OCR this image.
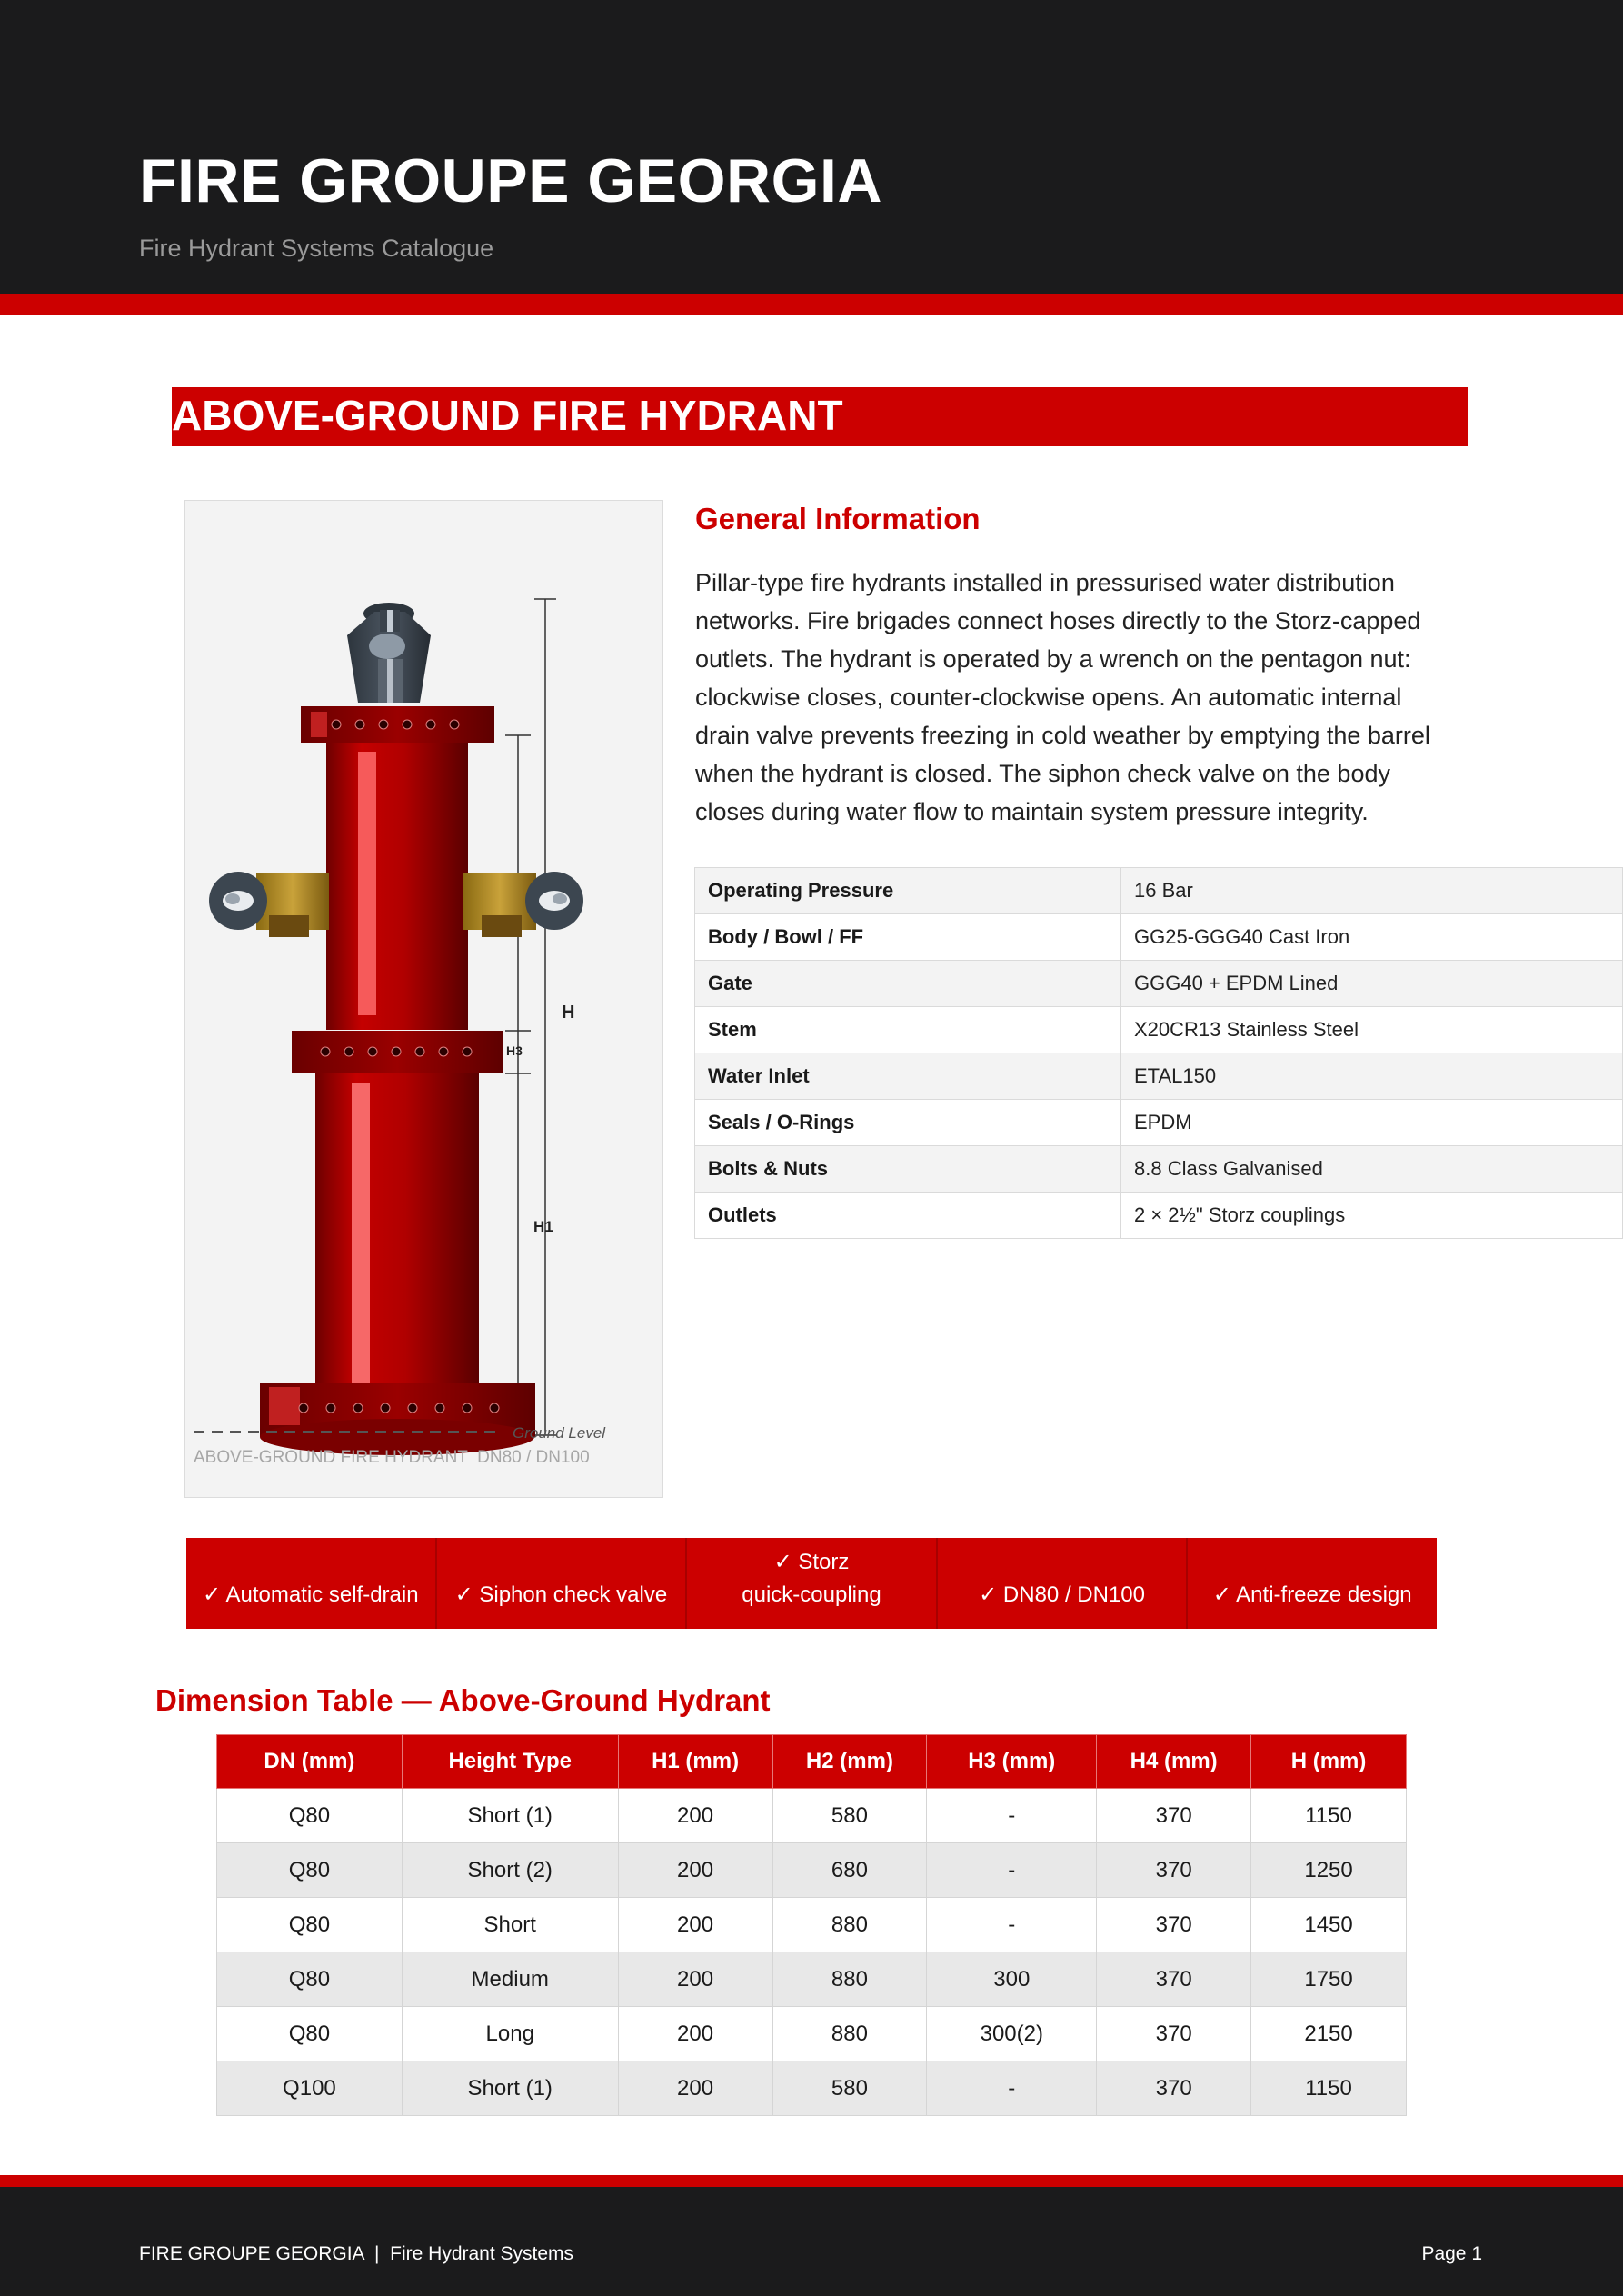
FIRE GROUPE GEORGIA
Fire Hydrant Systems Catalogue
ABOVE-GROUND FIRE HYDRANT
H
H3
H1
Ground Level
ABOVE-GROUND FIRE HYDRANT  DN80 / DN100
General Information
Pillar-type fire hydrants installed in pressurised water distribution networks. Fire brigades connect hoses directly to the Storz-capped outlets. The hydrant is operated by a wrench on the pentagon nut: clockwise closes, counter-clockwise opens. An automatic internal drain valve prevents freezing in cold weather by emptying the barrel when the hydrant is closed. The siphon check valve on the body closes during water flow to maintain system pressure integrity.
Operating Pressure	16 Bar
Body / Bowl / FF	GG25-GGG40 Cast Iron
Gate	GGG40 + EPDM Lined
Stem	X20CR13 Stainless Steel
Water Inlet	ETAL150
Seals / O-Rings	EPDM
Bolts & Nuts	8.8 Class Galvanised
Outlets	2 × 2½" Storz couplings
✓ Automatic self-drain ✓ Siphon check valve
✓ Storz
quick-coupling	✓ DN80 / DN100	✓ Anti-freeze design
Dimension Table — Above-Ground Hydrant
DN (mm)	Height Type	H1 (mm)	H2 (mm)	H3 (mm)	H4 (mm)	H (mm)
Q80	Short (1)	200	580	-	370	1150
Q80	Short (2)	200	680	-	370	1250
Q80	Short	200	880	-	370	1450
Q80	Medium	200	880	300	370	1750
Q80	Long	200	880	300(2)	370	2150
Q100	Short (1)	200	580	-	370	1150
FIRE GROUPE GEORGIA  |  Fire Hydrant Systems	Page 1
